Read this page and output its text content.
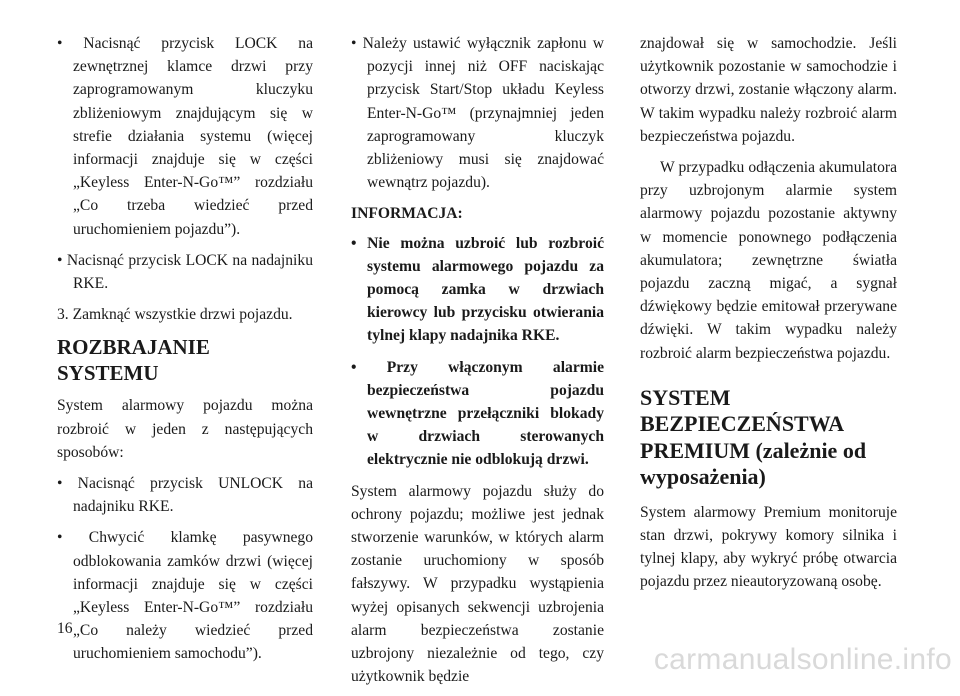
• Nacisnąć przycisk LOCK na zewnętrznej klamce drzwi przy zaprogramowanym kluczyku zbliżeniowym znajdującym się w strefie działania systemu (więcej informacji znajduje się w części „Keyless Enter-N-Go™” rozdziału „Co trzeba wiedzieć przed uruchomieniem pojazdu”).

• Nacisnąć przycisk LOCK na nadajniku RKE.

3. Zamknąć wszystkie drzwi pojazdu.

ROZBRAJANIE SYSTEMU

System alarmowy pojazdu można rozbroić w jeden z następujących sposobów:

• Nacisnąć przycisk UNLOCK na nadajniku RKE.

• Chwycić klamkę pasywnego odblokowania zamków drzwi (więcej informacji znajduje się w części „Keyless Enter-N-Go™” rozdziału „Co należy wiedzieć przed uruchomieniem samochodu”).

• Należy ustawić wyłącznik zapłonu w pozycji innej niż OFF naciskając przycisk Start/Stop układu Keyless Enter-N-Go™ (przynajmniej jeden zaprogramowany kluczyk zbliżeniowy musi się znajdować wewnątrz pojazdu).

INFORMACJA:

• Nie można uzbroić lub rozbroić systemu alarmowego pojazdu za pomocą zamka w drzwiach kierowcy lub przycisku otwierania tylnej klapy nadajnika RKE.

• Przy włączonym alarmie bezpieczeństwa pojazdu wewnętrzne przełączniki blokady w drzwiach sterowanych elektrycznie nie odblokują drzwi.

System alarmowy pojazdu służy do ochrony pojazdu; możliwe jest jednak stworzenie warunków, w których alarm zostanie uruchomiony w sposób fałszywy. W przypadku wystąpienia wyżej opisanych sekwencji uzbrojenia alarm bezpieczeństwa zostanie uzbrojony niezależnie od tego, czy użytkownik będzie

znajdował się w samochodzie. Jeśli użytkownik pozostanie w samochodzie i otworzy drzwi, zostanie włączony alarm. W takim wypadku należy rozbroić alarm bezpieczeństwa pojazdu.

W przypadku odłączenia akumulatora przy uzbrojonym alarmie system alarmowy pojazdu pozostanie aktywny w momencie ponownego podłączenia akumulatora; zewnętrzne światła pojazdu zaczną migać, a sygnał dźwiękowy będzie emitował przerywane dźwięki. W takim wypadku należy rozbroić alarm bezpieczeństwa pojazdu.

SYSTEM BEZPIECZEŃSTWA PREMIUM (zależnie od wyposażenia)

System alarmowy Premium monitoruje stan drzwi, pokrywy komory silnika i tylnej klapy, aby wykryć próbę otwarcia pojazdu przez nieautoryzowaną osobę.

16
carmanualsonline.info
